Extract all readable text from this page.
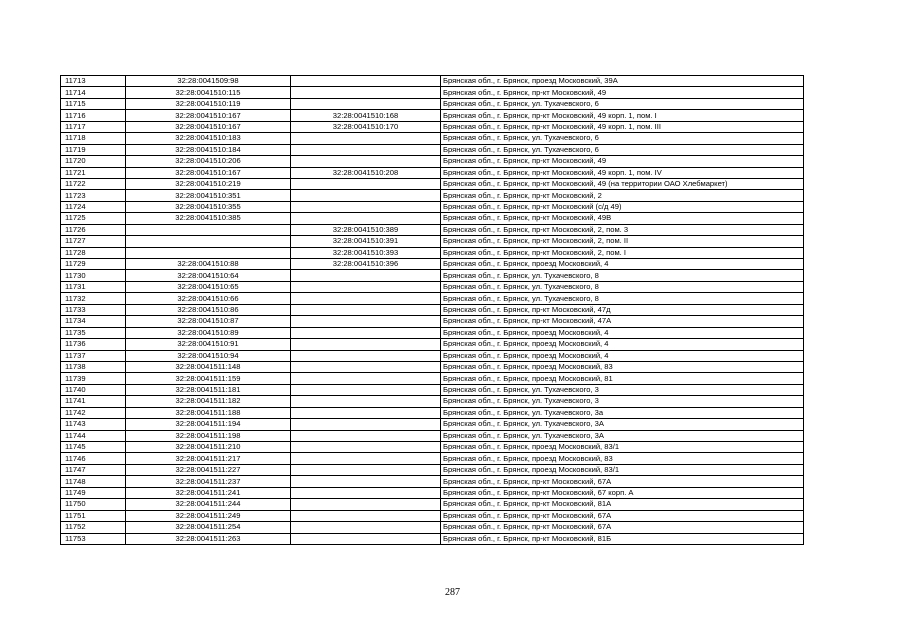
11713	32:28:0041509:98		Брянская обл., г. Брянск, проезд Московский, 39А
11714	32:28:0041510:115		Брянская обл., г. Брянск, пр-кт Московский, 49
11715	32:28:0041510:119		Брянская обл., г. Брянск, ул. Тухачевского, 6
11716	32:28:0041510:167	32:28:0041510:168	Брянская обл., г. Брянск, пр-кт Московский, 49 корп. 1, пом. I
11717	32:28:0041510:167	32:28:0041510:170	Брянская обл., г. Брянск, пр-кт Московский, 49 корп. 1, пом. III
11718	32:28:0041510:183		Брянская обл., г. Брянск, ул. Тухачевского, 6
11719	32:28:0041510:184		Брянская обл., г. Брянск, ул. Тухачевского, 6
11720	32:28:0041510:206		Брянская обл., г. Брянск, пр-кт Московский, 49
11721	32:28:0041510:167	32:28:0041510:208	Брянская обл., г. Брянск, пр-кт Московский, 49 корп. 1, пом. IV
11722	32:28:0041510:219		Брянская обл., г. Брянск, пр-кт Московский, 49 (на территории ОАО Хлебмаркет)
11723	32:28:0041510:351		Брянская обл., г. Брянск, пр-кт Московский, 2
11724	32:28:0041510:355		Брянская обл., г. Брянск, пр-кт Московский (с/д 49)
11725	32:28:0041510:385		Брянская обл., г. Брянск, пр-кт Московский, 49В
11726		32:28:0041510:389	Брянская обл., г. Брянск, пр-кт Московский, 2, пом. 3
11727		32:28:0041510:391	Брянская обл., г. Брянск, пр-кт Московский, 2, пом. II
11728		32:28:0041510:393	Брянская обл., г. Брянск, пр-кт Московский, 2, пом. I
11729	32:28:0041510:88	32:28:0041510:396	Брянская обл., г. Брянск, проезд Московский, 4
11730	32:28:0041510:64		Брянская обл., г. Брянск, ул. Тухачевского, 8
11731	32:28:0041510:65		Брянская обл., г. Брянск, ул. Тухачевского, 8
11732	32:28:0041510:66		Брянская обл., г. Брянск, ул. Тухачевского, 8
11733	32:28:0041510:86		Брянская обл., г. Брянск, пр-кт Московский, 47д
11734	32:28:0041510:87		Брянская обл., г. Брянск, пр-кт Московский, 47А
11735	32:28:0041510:89		Брянская обл., г. Брянск, проезд Московский, 4
11736	32:28:0041510:91		Брянская обл., г. Брянск, проезд Московский, 4
11737	32:28:0041510:94		Брянская обл., г. Брянск, проезд Московский, 4
11738	32:28:0041511:148		Брянская обл., г. Брянск, проезд Московский, 83
11739	32:28:0041511:159		Брянская обл., г. Брянск, проезд Московский, 81
11740	32:28:0041511:181		Брянская обл., г. Брянск, ул. Тухачевского, 3
11741	32:28:0041511:182		Брянская обл., г. Брянск, ул. Тухачевского, 3
11742	32:28:0041511:188		Брянская обл., г. Брянск, ул. Тухачевского, 3а
11743	32:28:0041511:194		Брянская обл., г. Брянск, ул. Тухачевского, 3А
11744	32:28:0041511:198		Брянская обл., г. Брянск, ул. Тухачевского, 3А
11745	32:28:0041511:210		Брянская обл., г. Брянск, проезд Московский, 83/1
11746	32:28:0041511:217		Брянская обл., г. Брянск, проезд Московский, 83
11747	32:28:0041511:227		Брянская обл., г. Брянск, проезд Московский, 83/1
11748	32:28:0041511:237		Брянская обл., г. Брянск, пр-кт Московский, 67А
11749	32:28:0041511:241		Брянская обл., г. Брянск, пр-кт Московский, 67 корп. А
11750	32:28:0041511:244		Брянская обл., г. Брянск, пр-кт Московский, 81А
11751	32:28:0041511:249		Брянская обл., г. Брянск, пр-кт Московский, 67А
11752	32:28:0041511:254		Брянская обл., г. Брянск, пр-кт Московский, 67А
11753	32:28:0041511:263		Брянская обл., г. Брянск, пр-кт Московский, 81Б
287
